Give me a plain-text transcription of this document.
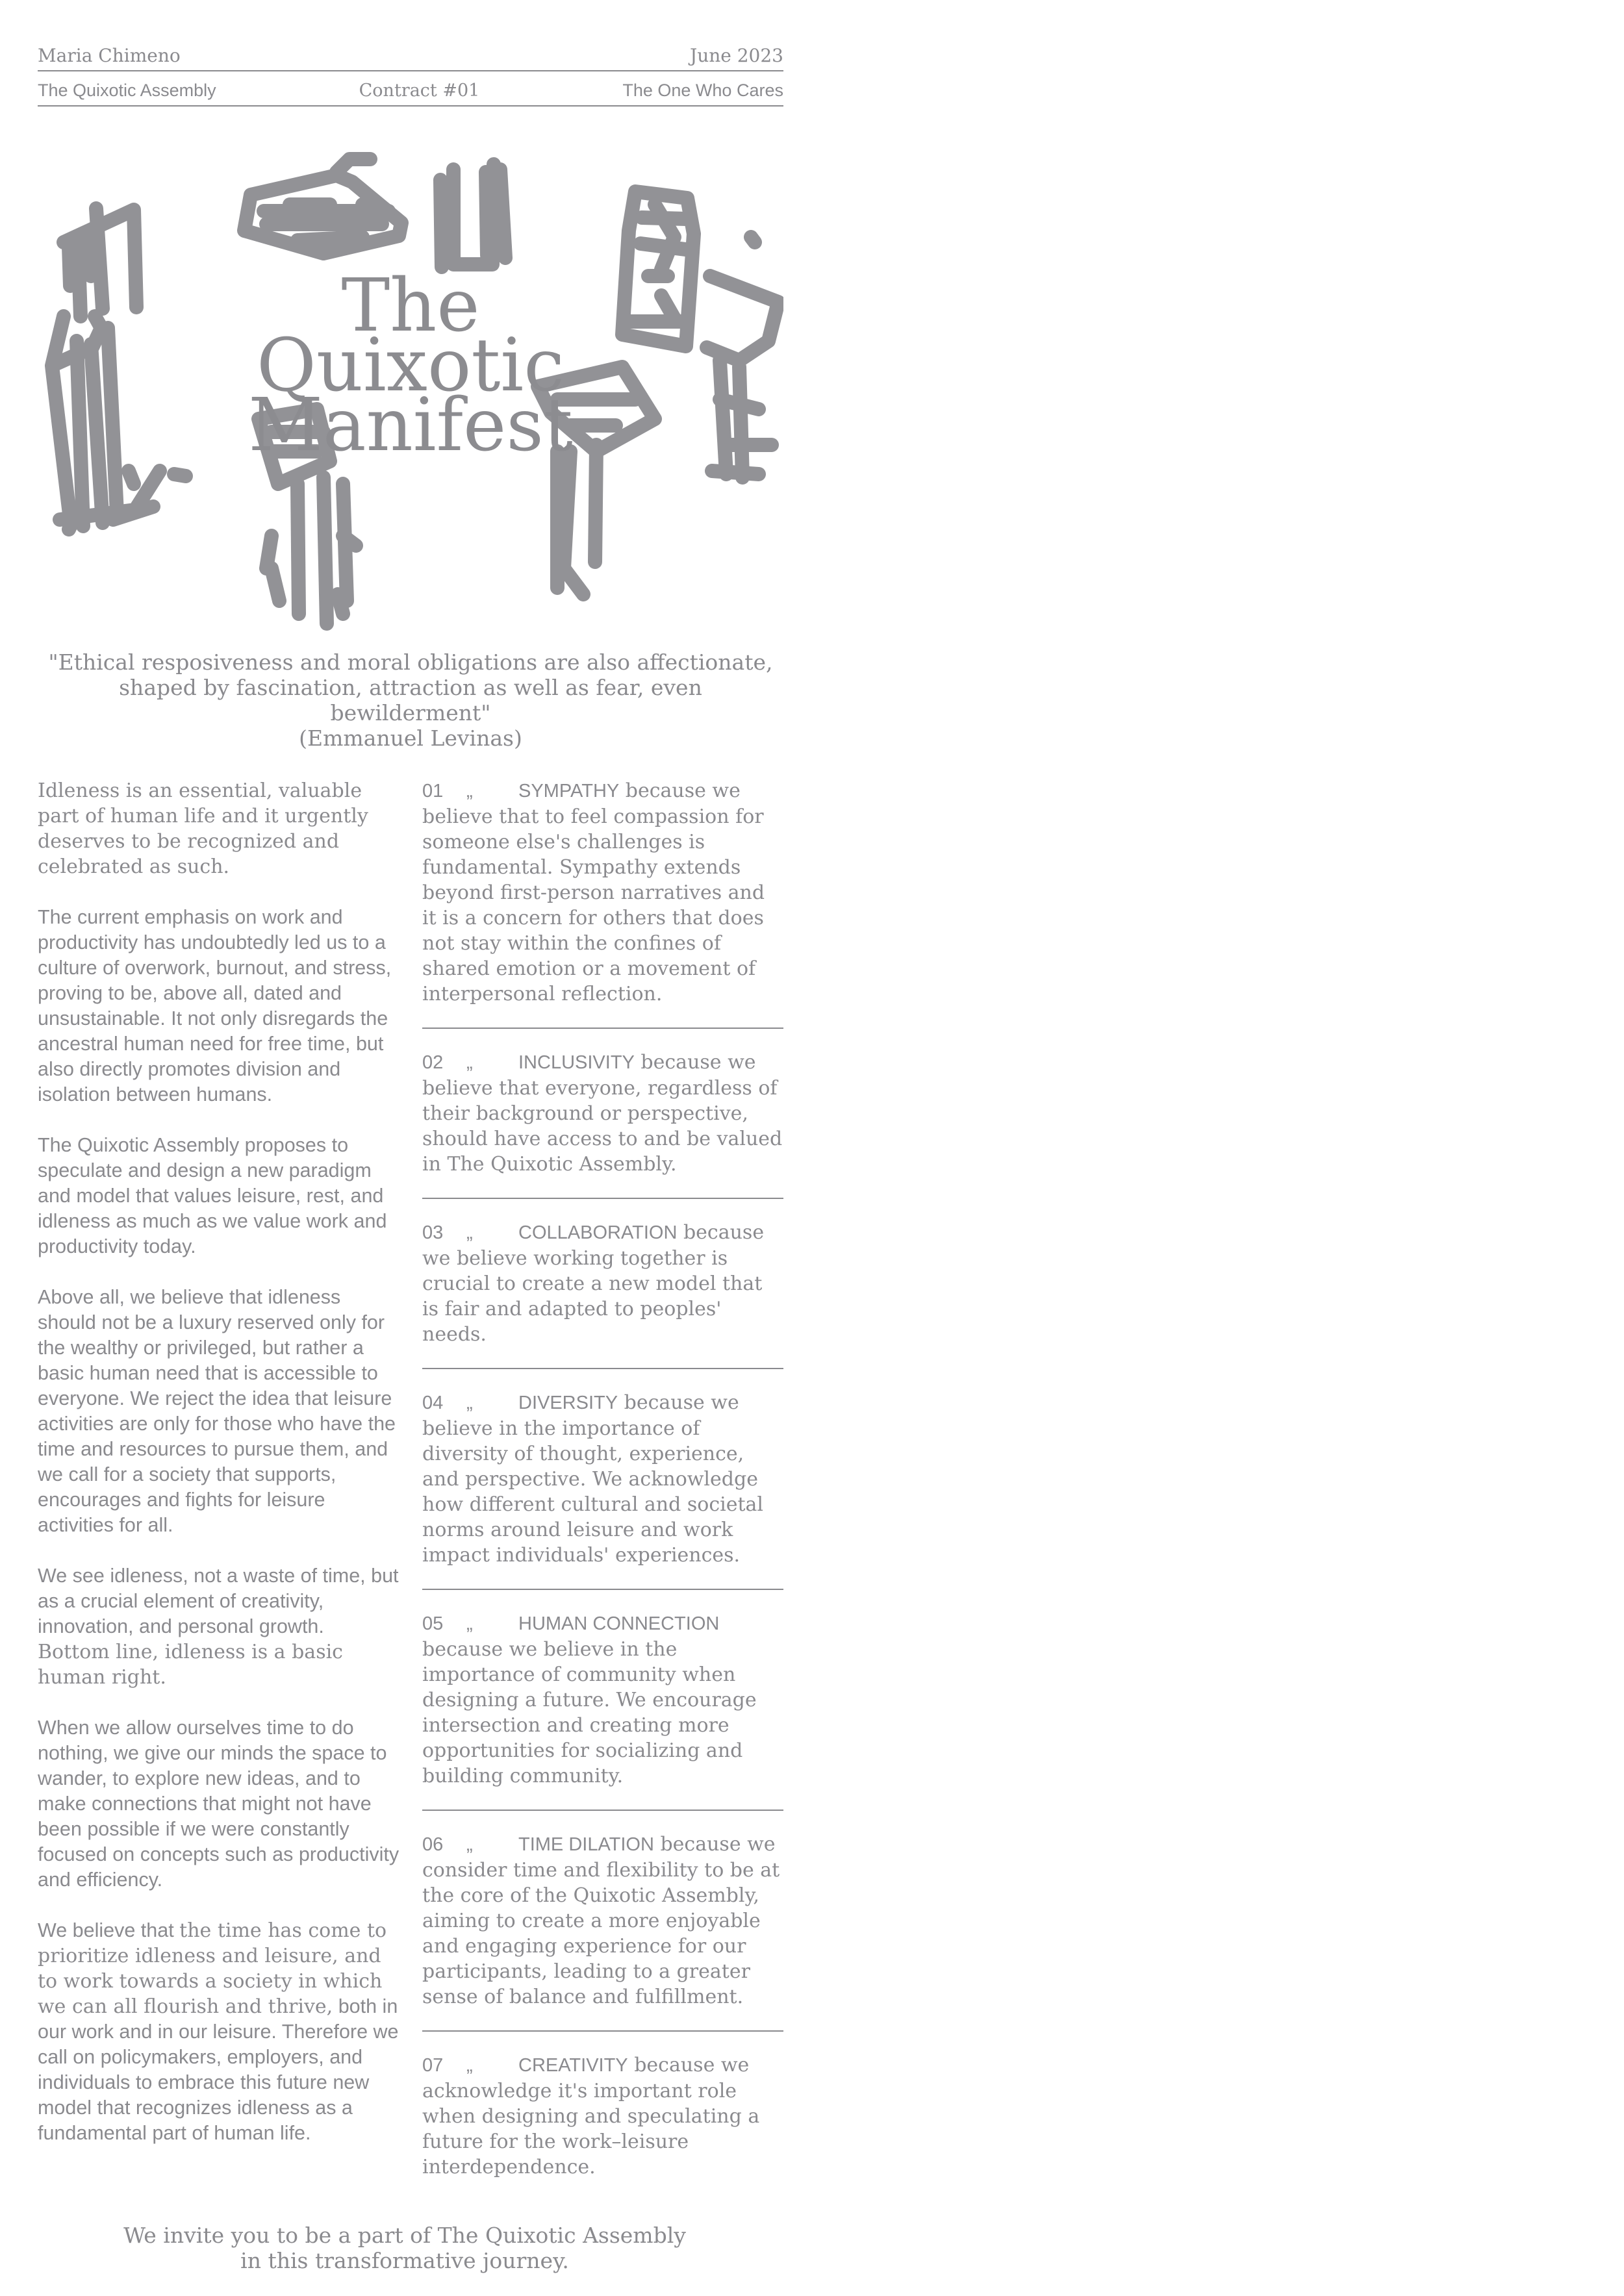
Maria Chimeno	June 2023
The Quixotic Assembly	Contract #01	The One Who Cares
The
Quixotic
Manifest
"Ethical resposiveness and moral obligations are also affectionate,
shaped by fascination, attraction as well as fear, even bewilderment"
(Emmanuel Levinas)

Idleness is an essential, valuable part of human life and it urgently deserves to be recognized and celebrated as such.

The current emphasis on work and productivity has undoubtedly led us to a culture of overwork, burnout, and stress, proving to be, above all, dated and unsustainable. It not only disregards the ancestral human need for free time, but also directly promotes division and isolation between humans.

The Quixotic Assembly proposes to speculate and design a new paradigm and model that values leisure, rest, and idleness as much as we value work and productivity today.

Above all, we believe that idleness should not be a luxury reserved only for the wealthy or privileged, but rather a basic human need that is accessible to everyone. We reject the idea that leisure activities are only for those who have the time and resources to pursue them, and we call for a society that supports, encourages and fights for leisure activities for all.

We see idleness, not a waste of time, but as a crucial element of creativity, innovation, and personal growth. Bottom line, idleness is a basic human right.

When we allow ourselves time to do nothing, we give our minds the space to wander, to explore new ideas, and to make connections that might not have been possible if we were constantly focused on concepts such as productivity and efficiency.

We believe that the time has come to prioritize idleness and leisure, and to work towards a society in which we can all flourish and thrive, both in our work and in our leisure. Therefore we call on policymakers, employers, and individuals to embrace this future new model that recognizes idleness as a fundamental part of human life.

01 „ SYMPATHY because we believe that to feel compassion for someone else's challenges is fundamental. Sympathy extends beyond first-person narratives and it is a concern for others that does not stay within the confines of shared emotion or a movement of interpersonal reflection.
02 „ INCLUSIVITY because we believe that everyone, regardless of their background or perspective, should have access to and be valued in The Quixotic Assembly.
03 „ COLLABORATION because we believe working together is crucial to create a new model that is fair and adapted to peoples' needs.
04 „ DIVERSITY because we believe in the importance of diversity of thought, experience, and perspective. We acknowledge how different cultural and societal norms around leisure and work impact individuals' experiences.
05 „ HUMAN CONNECTION because we believe in the importance of community when designing a future. We encourage intersection and creating more opportunities for socializing and building community.
06 „ TIME DILATION because we consider time and flexibility to be at the core of the Quixotic Assembly, aiming to create a more enjoyable and engaging experience for our participants, leading to a greater sense of balance and fulfillment.
07 „ CREATIVITY because we acknowledge it's important role when designing and speculating a future for the work–leisure interdependence.
We invite you to be a part of The Quixotic Assembly
in this transformative journey.
